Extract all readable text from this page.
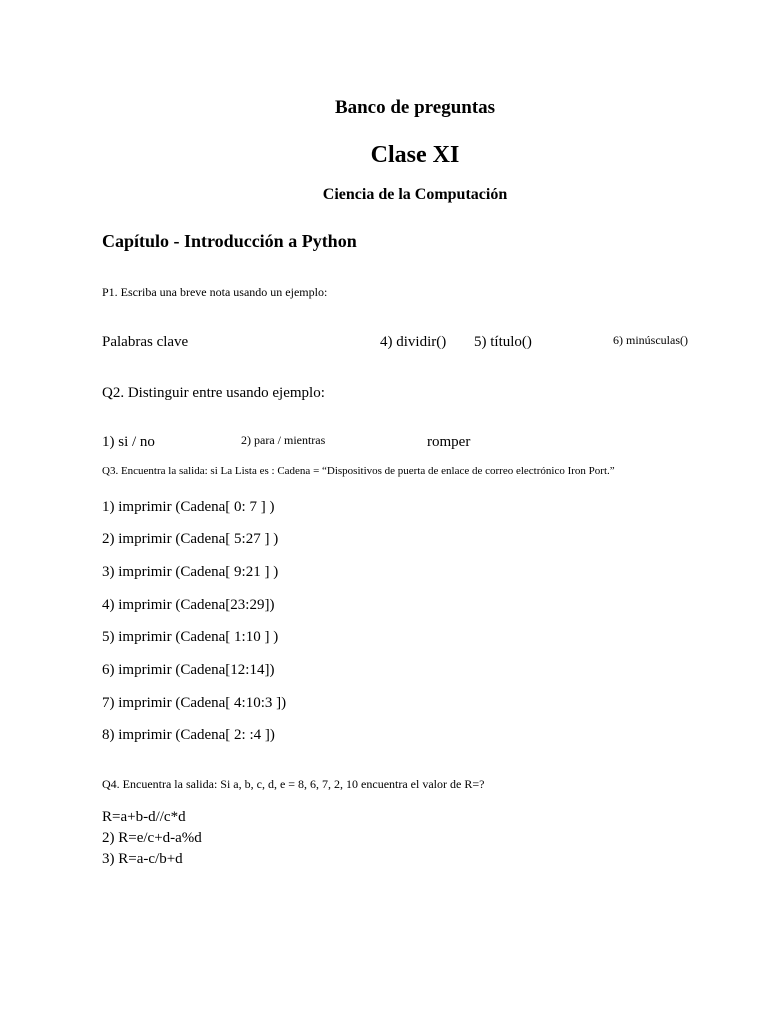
Banco de preguntas
Clase XI
Ciencia de la Computación
Capítulo - Introducción a Python
P1. Escriba una breve nota usando un ejemplo:
Palabras clave	4) dividir() 5) título()	6) minúsculas()
Q2. Distinguir entre usando ejemplo:
1) si / no	2) para / mientras	romper
Q3. Encuentra la salida: si La Lista es : Cadena = “Dispositivos de puerta de enlace de correo electrónico Iron Port.”
1) imprimir (Cadena[ 0: 7 ] )
2) imprimir (Cadena[ 5:27 ] )
3) imprimir (Cadena[ 9:21 ] )
4) imprimir (Cadena[23:29])
5) imprimir (Cadena[ 1:10 ] )
6) imprimir (Cadena[12:14])
7) imprimir (Cadena[ 4:10:3 ])
8) imprimir (Cadena[ 2: :4 ])
Q4. Encuentra la salida: Si a, b, c, d, e = 8, 6, 7, 2, 10 encuentra el valor de R=?
R=a+b-d//c*d
2) R=e/c+d-a%d
3) R=a-c/b+d
